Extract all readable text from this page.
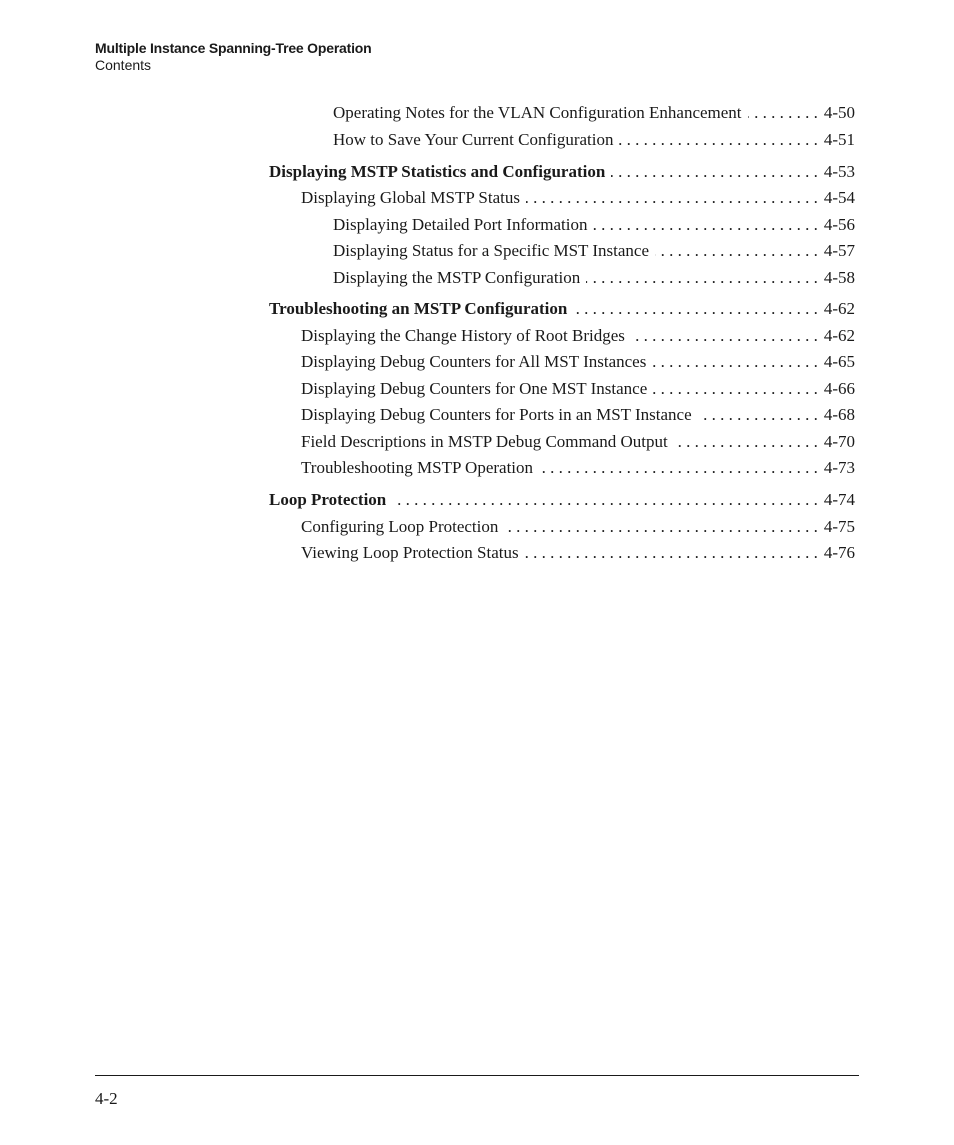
Multiple Instance Spanning-Tree Operation
Contents
Operating Notes for the VLAN Configuration Enhancement . . .	4-50
How to Save Your Current Configuration . . .	4-51
Displaying MSTP Statistics and Configuration . . .	4-53
Displaying Global MSTP Status . . .	4-54
Displaying Detailed Port Information . . .	4-56
Displaying Status for a Specific MST Instance . . .	4-57
Displaying the MSTP Configuration . . .	4-58
Troubleshooting an MSTP Configuration . . .	4-62
Displaying the Change History of Root Bridges . . .	4-62
Displaying Debug Counters for All MST Instances . . .	4-65
Displaying Debug Counters for One MST Instance . . .	4-66
Displaying Debug Counters for Ports in an MST Instance . . .	4-68
Field Descriptions in MSTP Debug Command Output . . .	4-70
Troubleshooting MSTP Operation . . .	4-73
Loop Protection . . .	4-74
Configuring Loop Protection . . .	4-75
Viewing Loop Protection Status . . .	4-76
4-2
